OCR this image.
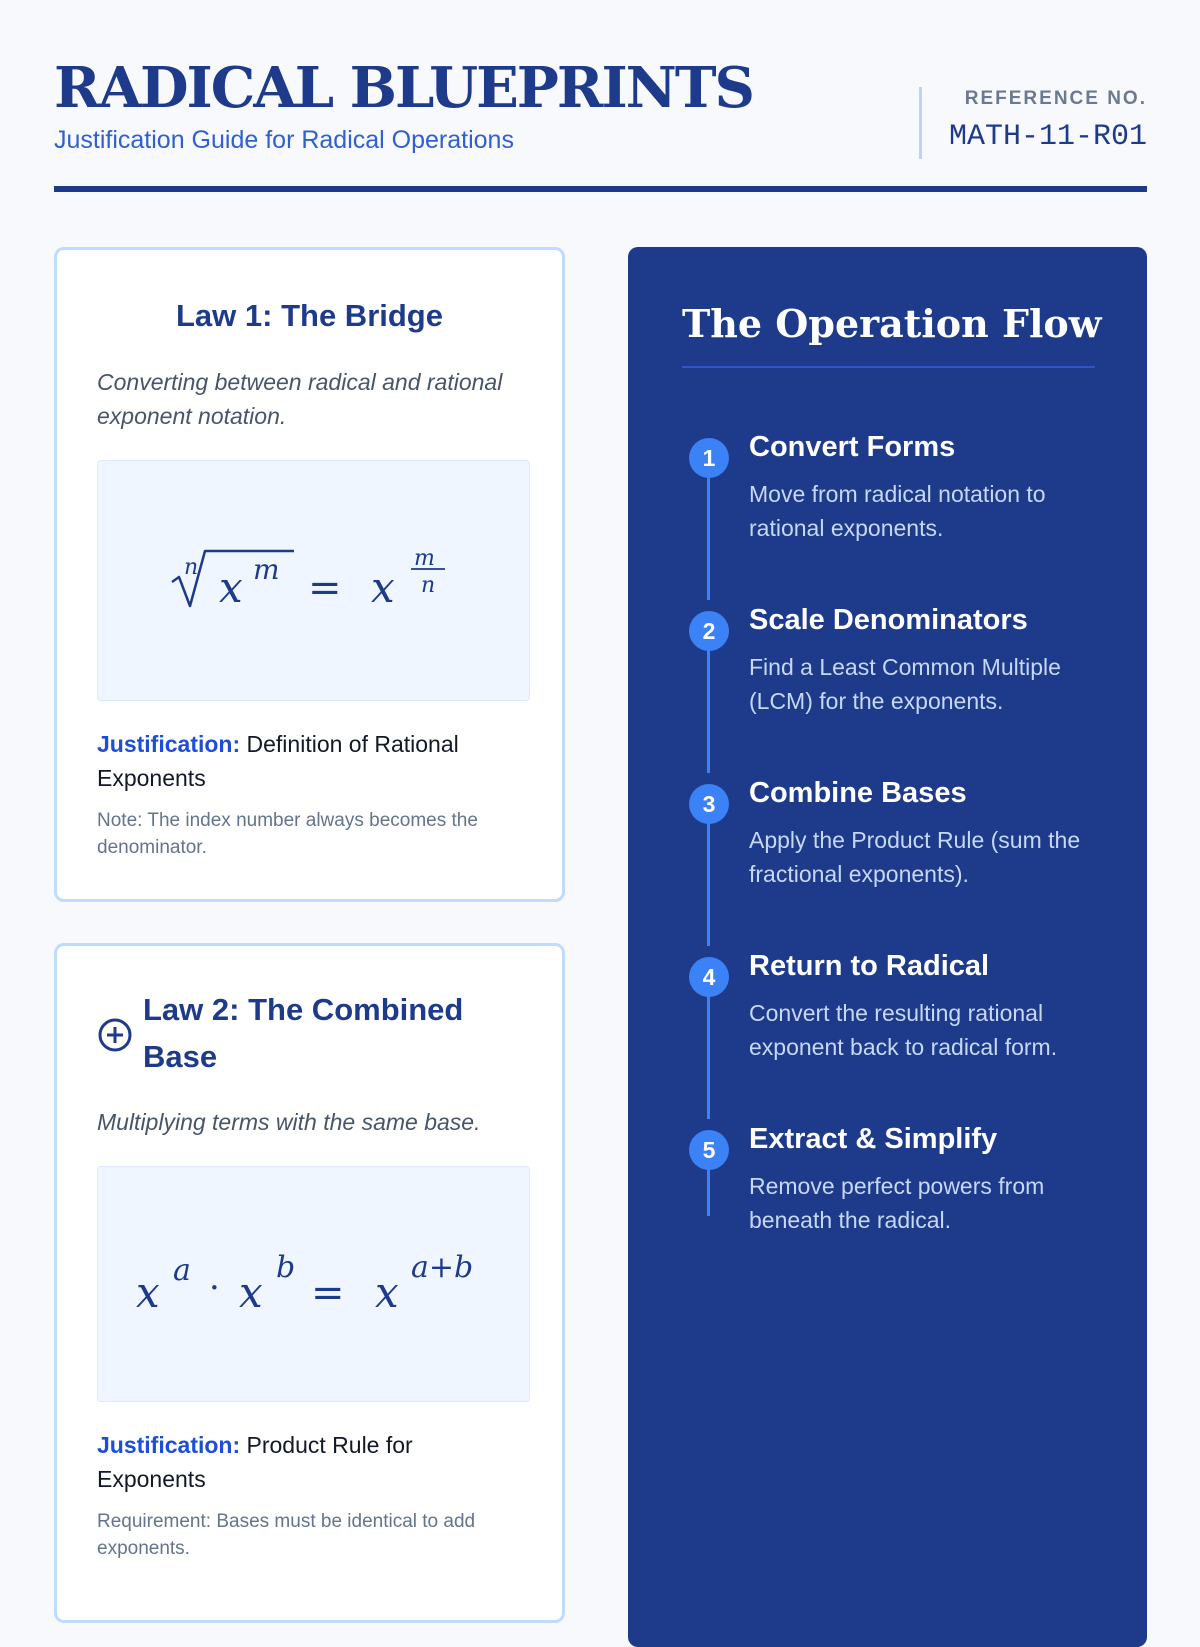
RADICAL BLUEPRINTS

Justification Guide for Radical Operations

REFERENCE NO.
MATH-11-R01
Law 1: The Bridge

Converting between radical and rational exponent notation.

n x m = x
m
n

Justification: Definition of Rational Exponents

Note: The index number always becomes the denominator.

Law 2: The Combined Base

Multiplying terms with the same base.

x a · x
b
= x
a+b

Justification: Product Rule for Exponents

Requirement: Bases must be identical to add exponents.

The Operation Flow
1	Convert Forms

Move from radical notation to rational exponents.

2	Scale Denominators

Find a Least Common Multiple (LCM) for the exponents.

3	Combine Bases

Apply the Product Rule (sum the fractional exponents).

4	Return to Radical

Convert the resulting rational exponent back to radical form.

5	Extract & Simplify

Remove perfect powers from beneath the radical.
